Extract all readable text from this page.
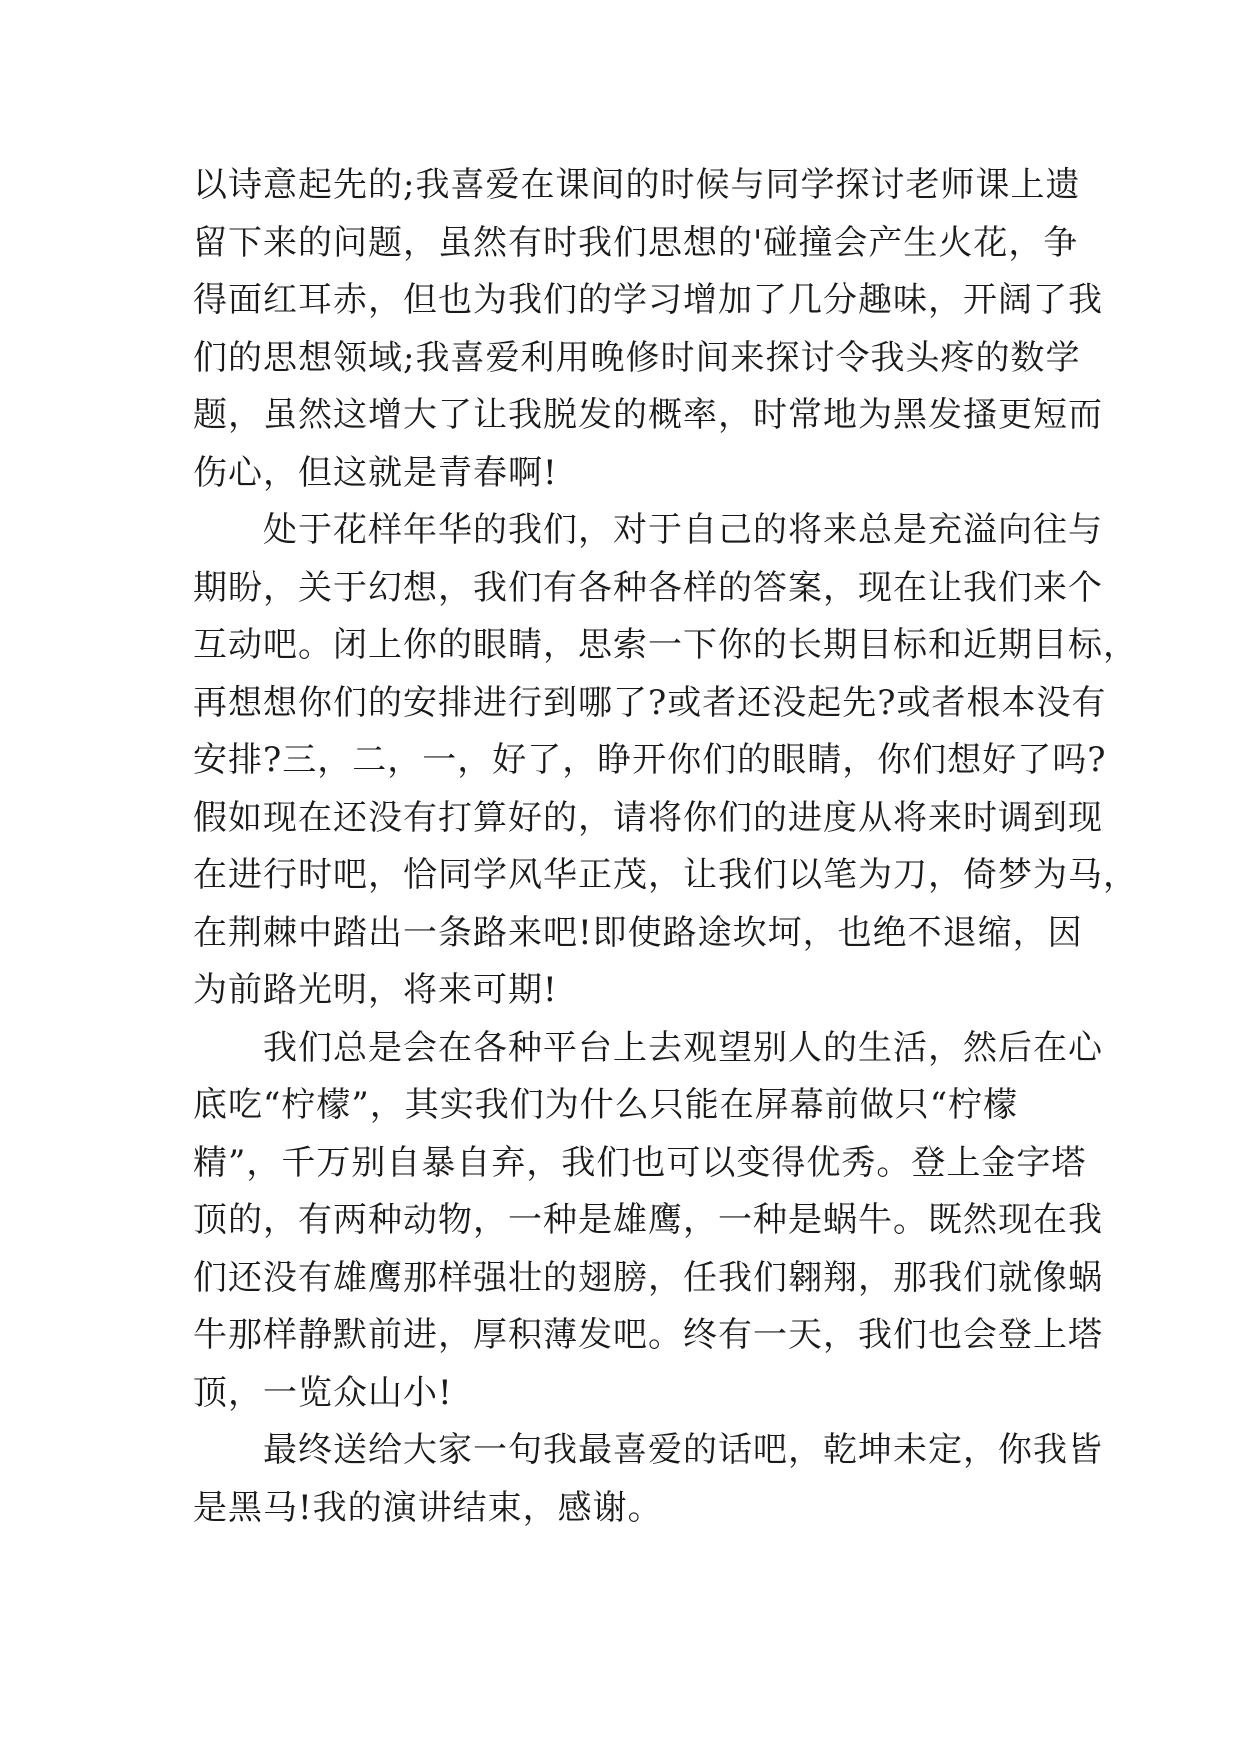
以诗意起先的;我喜爱在课间的时候与同学探讨老师课上遗
留下来的问题，虽然有时我们思想的'碰撞会产生火花，争
得面红耳赤，但也为我们的学习增加了几分趣味，开阔了我
们的思想领域;我喜爱利用晚修时间来探讨令我头疼的数学
题，虽然这增大了让我脱发的概率，时常地为黑发搔更短而
伤心，但这就是青春啊!
　　处于花样年华的我们，对于自己的将来总是充溢向往与
期盼，关于幻想，我们有各种各样的答案，现在让我们来个
互动吧。闭上你的眼睛，思索一下你的长期目标和近期目标，
再想想你们的安排进行到哪了?或者还没起先?或者根本没有
安排?三，二，一，好了，睁开你们的眼睛，你们想好了吗?
假如现在还没有打算好的，请将你们的进度从将来时调到现
在进行时吧，恰同学风华正茂，让我们以笔为刀，倚梦为马，
在荆棘中踏出一条路来吧!即使路途坎坷，也绝不退缩，因
为前路光明，将来可期!
　　我们总是会在各种平台上去观望别人的生活，然后在心
底吃“柠檬”，其实我们为什么只能在屏幕前做只“柠檬
精”，千万别自暴自弃，我们也可以变得优秀。登上金字塔
顶的，有两种动物，一种是雄鹰，一种是蜗牛。既然现在我
们还没有雄鹰那样强壮的翅膀，任我们翱翔，那我们就像蜗
牛那样静默前进，厚积薄发吧。终有一天，我们也会登上塔
顶，一览众山小!
　　最终送给大家一句我最喜爱的话吧，乾坤未定，你我皆
是黑马!我的演讲结束，感谢。
